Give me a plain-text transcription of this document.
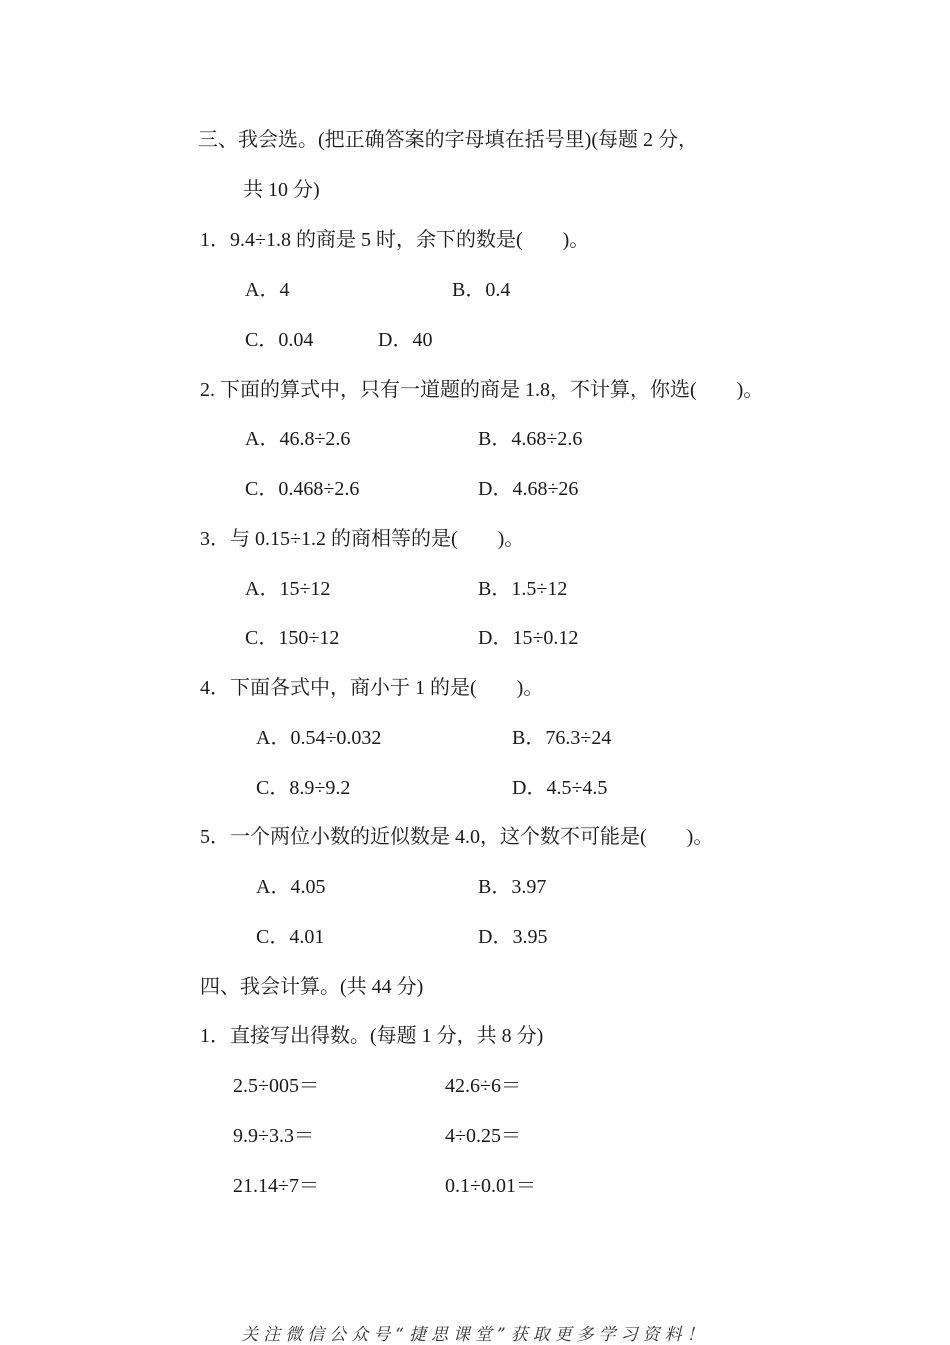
三、我会选。(把正确答案的字母填在括号里)(每题 2 分，
共 10 分)
1．9.4÷1.8 的商是 5 时，余下的数是(　　)。
A．4	B．0.4
C．0.04	D．40
2. 下面的算式中，只有一道题的商是 1.8，不计算，你选(　　)。
A．46.8÷2.6	B．4.68÷2.6
C．0.468÷2.6	D．4.68÷26
3．与 0.15÷1.2 的商相等的是(　　)。
A．15÷12	B．1.5÷12
C．150÷12	D．15÷0.12
4．下面各式中，商小于 1 的是(　　)。
A．0.54÷0.032	B．76.3÷24
C．8.9÷9.2	D．4.5÷4.5
5．一个两位小数的近似数是 4.0，这个数不可能是(　　)。
A．4.05	B．3.97
C．4.01	D．3.95
四、我会计算。(共 44 分)
1．直接写出得数。(每题 1 分，共 8 分)
2.5÷005＝	42.6÷6＝
9.9÷3.3＝	4÷0.25＝
21.14÷7＝	0.1÷0.01＝
关注微信公众号“捷思课堂”获取更多学习资料！
